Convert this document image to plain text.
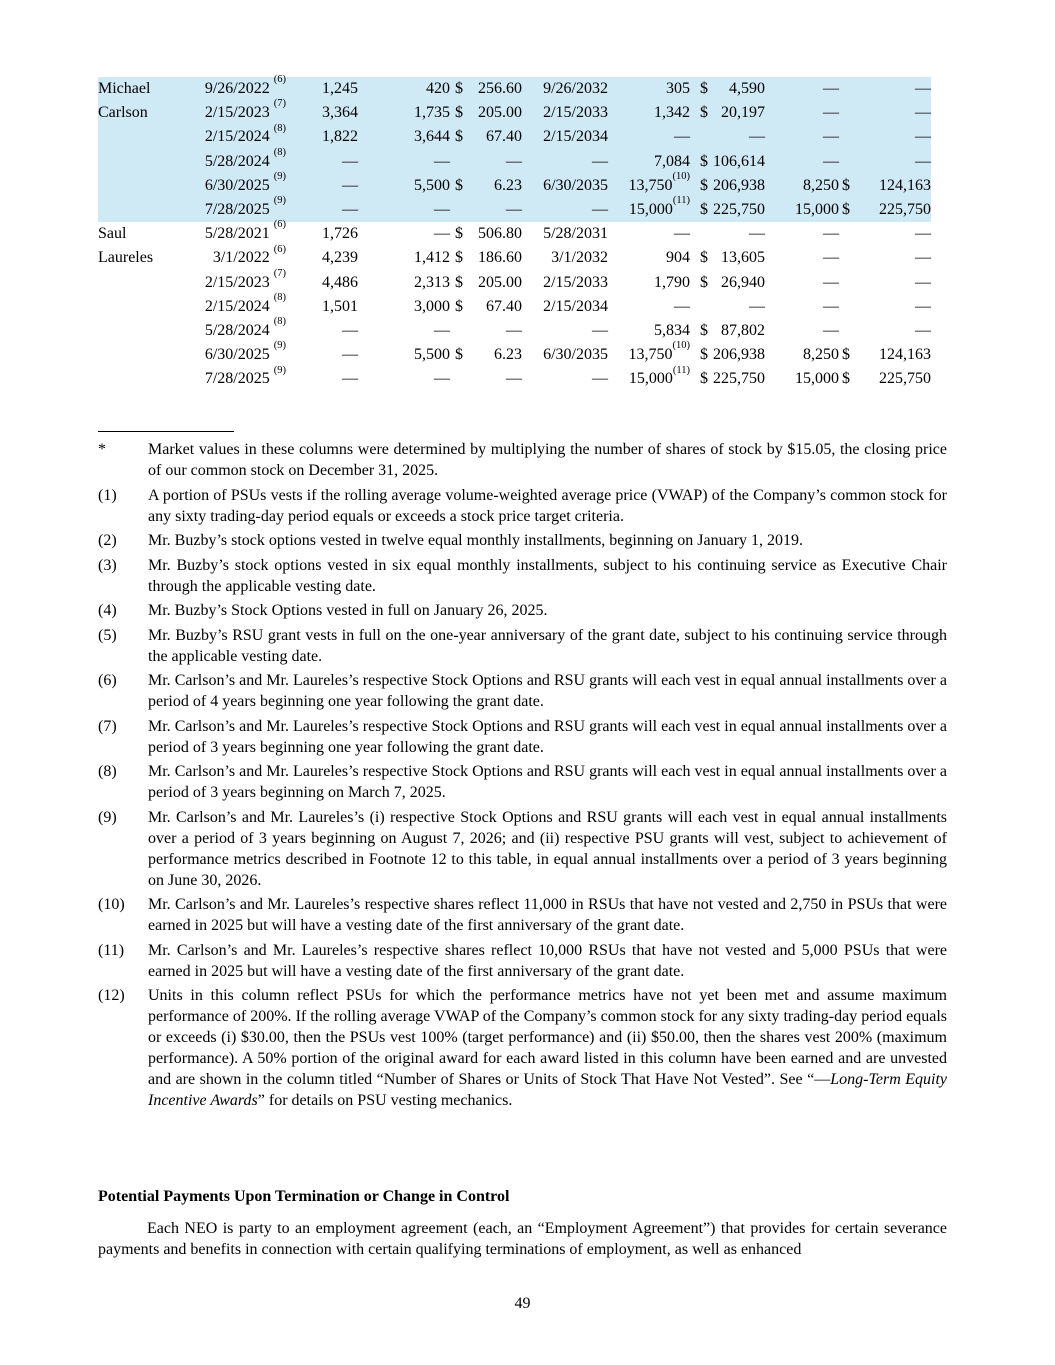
Michael	9/26/2022 $^{(6)}$	1,245	420	$ 256.60	9/26/2032	305	$ 4,590	—	—
Carlson	2/15/2023 $^{(7)}$	3,364	1,735	$ 205.00	2/15/2033	1,342	$ 20,197	—	—
	2/15/2024 $^{(8)}$	1,822	3,644	$ 67.40	2/15/2034	—	—	—	—
	5/28/2024 $^{(8)}$	—	—	—	—	7,084	$ 106,614	—	—
	6/30/2025 $^{(9)}$	—	5,500	$ 6.23	6/30/2035	13,750$^{(10)}$	$ 206,938	8,250	$ 124,163
	7/28/2025 $^{(9)}$	—	—	—	—	15,000$^{(11)}$	$ 225,750	15,000	$ 225,750
Saul	5/28/2021 $^{(6)}$	1,726	—	$ 506.80	5/28/2031	—	—	—	—
Laureles	3/1/2022 $^{(6)}$	4,239	1,412	$ 186.60	3/1/2032	904	$ 13,605	—	—
	2/15/2023 $^{(7)}$	4,486	2,313	$ 205.00	2/15/2033	1,790	$ 26,940	—	—
	2/15/2024 $^{(8)}$	1,501	3,000	$ 67.40	2/15/2034	—	—	—	—
	5/28/2024 $^{(8)}$	—	—	—	—	5,834	$ 87,802	—	—
	6/30/2025 $^{(9)}$	—	5,500	$ 6.23	6/30/2035	13,750$^{(10)}$	$ 206,938	8,250	$ 124,163
	7/28/2025 $^{(9)}$	—	—	—	—	15,000$^{(11)}$	$ 225,750	15,000	$ 225,750
*	Market values in these columns were determined by multiplying the number of shares of stock by $15.05, the closing price of our common stock on December 31, 2025.
(1)	A portion of PSUs vests if the rolling average volume-weighted average price (VWAP) of the Company’s common stock for any sixty trading-day period equals or exceeds a stock price target criteria.
(2)	Mr. Buzby’s stock options vested in twelve equal monthly installments, beginning on January 1, 2019.
(3)	Mr. Buzby’s stock options vested in six equal monthly installments, subject to his continuing service as Executive Chair through the applicable vesting date.
(4)	Mr. Buzby’s Stock Options vested in full on January 26, 2025.
(5)	Mr. Buzby’s RSU grant vests in full on the one-year anniversary of the grant date, subject to his continuing service through the applicable vesting date.
(6)	Mr. Carlson’s and Mr. Laureles’s respective Stock Options and RSU grants will each vest in equal annual installments over a period of 4 years beginning one year following the grant date.
(7)	Mr. Carlson’s and Mr. Laureles’s respective Stock Options and RSU grants will each vest in equal annual installments over a period of 3 years beginning one year following the grant date.
(8)	Mr. Carlson’s and Mr. Laureles’s respective Stock Options and RSU grants will each vest in equal annual installments over a period of 3 years beginning on March 7, 2025.
(9)	Mr. Carlson’s and Mr. Laureles’s (i) respective Stock Options and RSU grants will each vest in equal annual installments over a period of 3 years beginning on August 7, 2026; and (ii) respective PSU grants will vest, subject to achievement of performance metrics described in Footnote 12 to this table, in equal annual installments over a period of 3 years beginning on June 30, 2026.
(10)	Mr. Carlson’s and Mr. Laureles’s respective shares reflect 11,000 in RSUs that have not vested and 2,750 in PSUs that were earned in 2025 but will have a vesting date of the first anniversary of the grant date.
(11)	Mr. Carlson’s and Mr. Laureles’s respective shares reflect 10,000 RSUs that have not vested and 5,000 PSUs that were earned in 2025 but will have a vesting date of the first anniversary of the grant date.
(12)	Units in this column reflect PSUs for which the performance metrics have not yet been met and assume maximum performance of 200%. If the rolling average VWAP of the Company’s common stock for any sixty trading-day period equals or exceeds (i) $30.00, then the PSUs vest 100% (target performance) and (ii) $50.00, then the shares vest 200% (maximum performance). A 50% portion of the original award for each award listed in this column have been earned and are unvested and are shown in the column titled “Number of Shares or Units of Stock That Have Not Vested”. See “—Long-Term Equity Incentive Awards” for details on PSU vesting mechanics.
Potential Payments Upon Termination or Change in Control

Each NEO is party to an employment agreement (each, an “Employment Agreement”) that provides for certain severance payments and benefits in connection with certain qualifying terminations of employment, as well as enhanced

49
